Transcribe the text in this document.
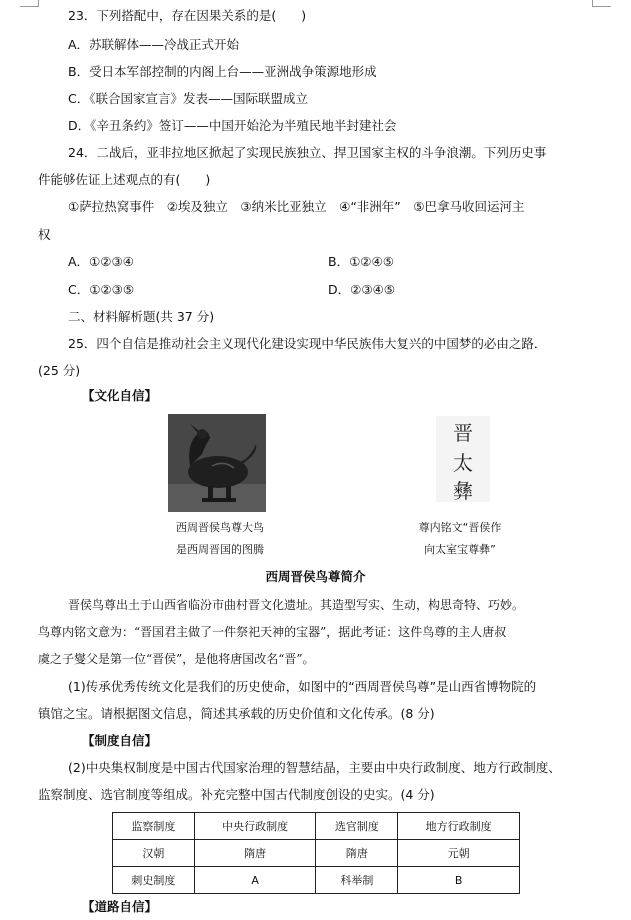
23．下列搭配中，存在因果关系的是(　　)
A．苏联解体——冷战正式开始
B．受日本军部控制的内阁上台——亚洲战争策源地形成
C．《联合国家宣言》发表——国际联盟成立
D．《辛丑条约》签订——中国开始沦为半殖民地半封建社会
24．二战后，亚非拉地区掀起了实现民族独立、捍卫国家主权的斗争浪潮。下列历史事
件能够佐证上述观点的有(　　)
①萨拉热窝事件　②埃及独立　③纳米比亚独立　④“非洲年”　⑤巴拿马收回运河主
权
A．①②③④	B．①②④⑤
C．①②③⑤	D．②③④⑤
二、材料解析题(共 37 分)
25．四个自信是推动社会主义现代化建设实现中华民族伟大复兴的中国梦的必由之路．
(25 分)
【文化自信】
晋
太
彝
西周晋侯鸟尊大鸟
是西周晋国的图腾
尊内铭文“晋侯作
向太室宝尊彝”
西周晋侯鸟尊简介
晋侯鸟尊出土于山西省临汾市曲村晋文化遗址。其造型写实、生动，构思奇特、巧妙。
鸟尊内铭文意为：“晋国君主做了一件祭祀天神的宝器”，据此考证：这件鸟尊的主人唐叔
虞之子燮父是第一位“晋侯”，是他将唐国改名“晋”。
(1)传承优秀传统文化是我们的历史使命，如图中的“西周晋侯鸟尊”是山西省博物院的
镇馆之宝。请根据图文信息，简述其承载的历史价值和文化传承。(8 分)
【制度自信】
(2)中央集权制度是中国古代国家治理的智慧结晶，主要由中央行政制度、地方行政制度、
监察制度、选官制度等组成。补充完整中国古代制度创设的史实。(4 分)
监察制度	中央行政制度	选官制度	地方行政制度
汉朝	隋唐	隋唐	元朝
刺史制度	A	科举制	B
【道路自信】
